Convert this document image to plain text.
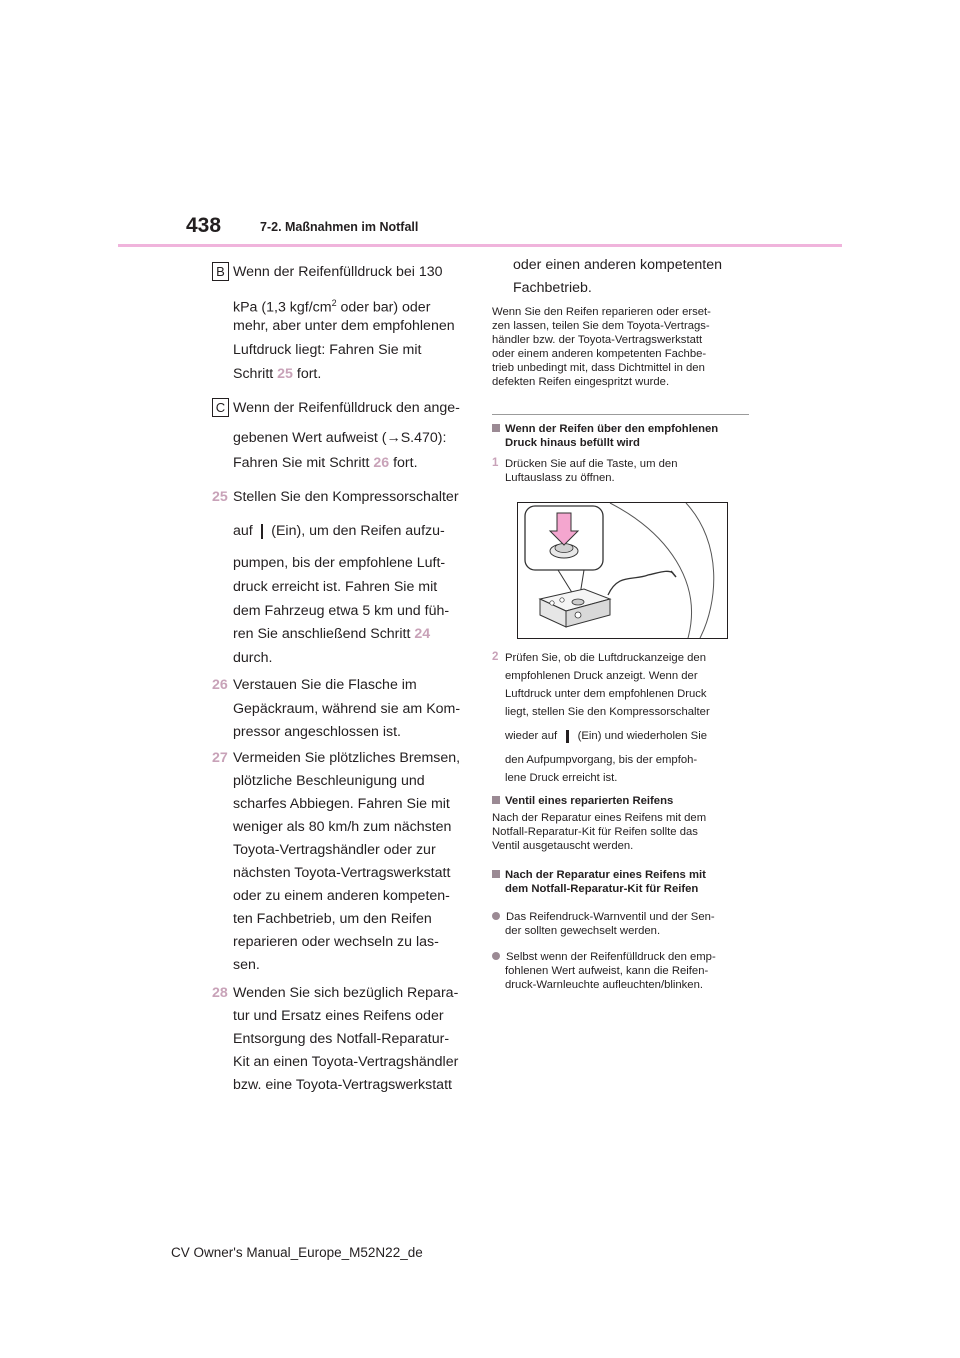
438	7-2. Maßnahmen im Notfall
B Wenn der Reifenfülldruck bei 130
kPa (1,3 kgf/$cm^2$ oder bar) oder
mehr, aber unter dem empfohlenen
Luftdruck liegt: Fahren Sie mit
Schritt 25 fort.
C Wenn der Reifenfülldruck den ange-
gebenen Wert aufweist (→S.470):
Fahren Sie mit Schritt 26 fort.
25 Stellen Sie den Kompressorschalter
auf (Ein), um den Reifen aufzu-
pumpen, bis der empfohlene Luft-
druck erreicht ist. Fahren Sie mit
dem Fahrzeug etwa 5 km und füh-
ren Sie anschließend Schritt 24
durch.
26 Verstauen Sie die Flasche im
Gepäckraum, während sie am Kom-
pressor angeschlossen ist.
27 Vermeiden Sie plötzliches Bremsen,
plötzliche Beschleunigung und
scharfes Abbiegen. Fahren Sie mit
weniger als 80 km/h zum nächsten
Toyota-Vertragshändler oder zur
nächsten Toyota-Vertragswerkstatt
oder zu einem anderen kompeten-
ten Fachbetrieb, um den Reifen
reparieren oder wechseln zu las-
sen.
28 Wenden Sie sich bezüglich Repara-
tur und Ersatz eines Reifens oder
Entsorgung des Notfall-Reparatur-
Kit an einen Toyota-Vertragshändler
bzw. eine Toyota-Vertragswerkstatt
oder einen anderen kompetenten
Fachbetrieb.
Wenn Sie den Reifen reparieren oder erset-
zen lassen, teilen Sie dem Toyota-Vertrags-
händler bzw. der Toyota-Vertragswerkstatt
oder einem anderen kompetenten Fachbe-
trieb unbedingt mit, dass Dichtmittel in den
defekten Reifen eingespritzt wurde.
Wenn der Reifen über den empfohlenen
Druck hinaus befüllt wird
1 Drücken Sie auf die Taste, um den
Luftauslass zu öffnen.
2 Prüfen Sie, ob die Luftdruckanzeige den
empfohlenen Druck anzeigt. Wenn der
Luftdruck unter dem empfohlenen Druck
liegt, stellen Sie den Kompressorschalter
wieder auf (Ein) und wiederholen Sie
den Aufpumpvorgang, bis der empfoh-
lene Druck erreicht ist.
Ventil eines reparierten Reifens
Nach der Reparatur eines Reifens mit dem
Notfall-Reparatur-Kit für Reifen sollte das
Ventil ausgetauscht werden.
Nach der Reparatur eines Reifens mit
dem Notfall-Reparatur-Kit für Reifen
Das Reifendruck-Warnventil und der Sen-
der sollten gewechselt werden.
Selbst wenn der Reifenfülldruck den emp-
fohlenen Wert aufweist, kann die Reifen-
druck-Warnleuchte aufleuchten/blinken.
CV Owner's Manual_Europe_M52N22_de
